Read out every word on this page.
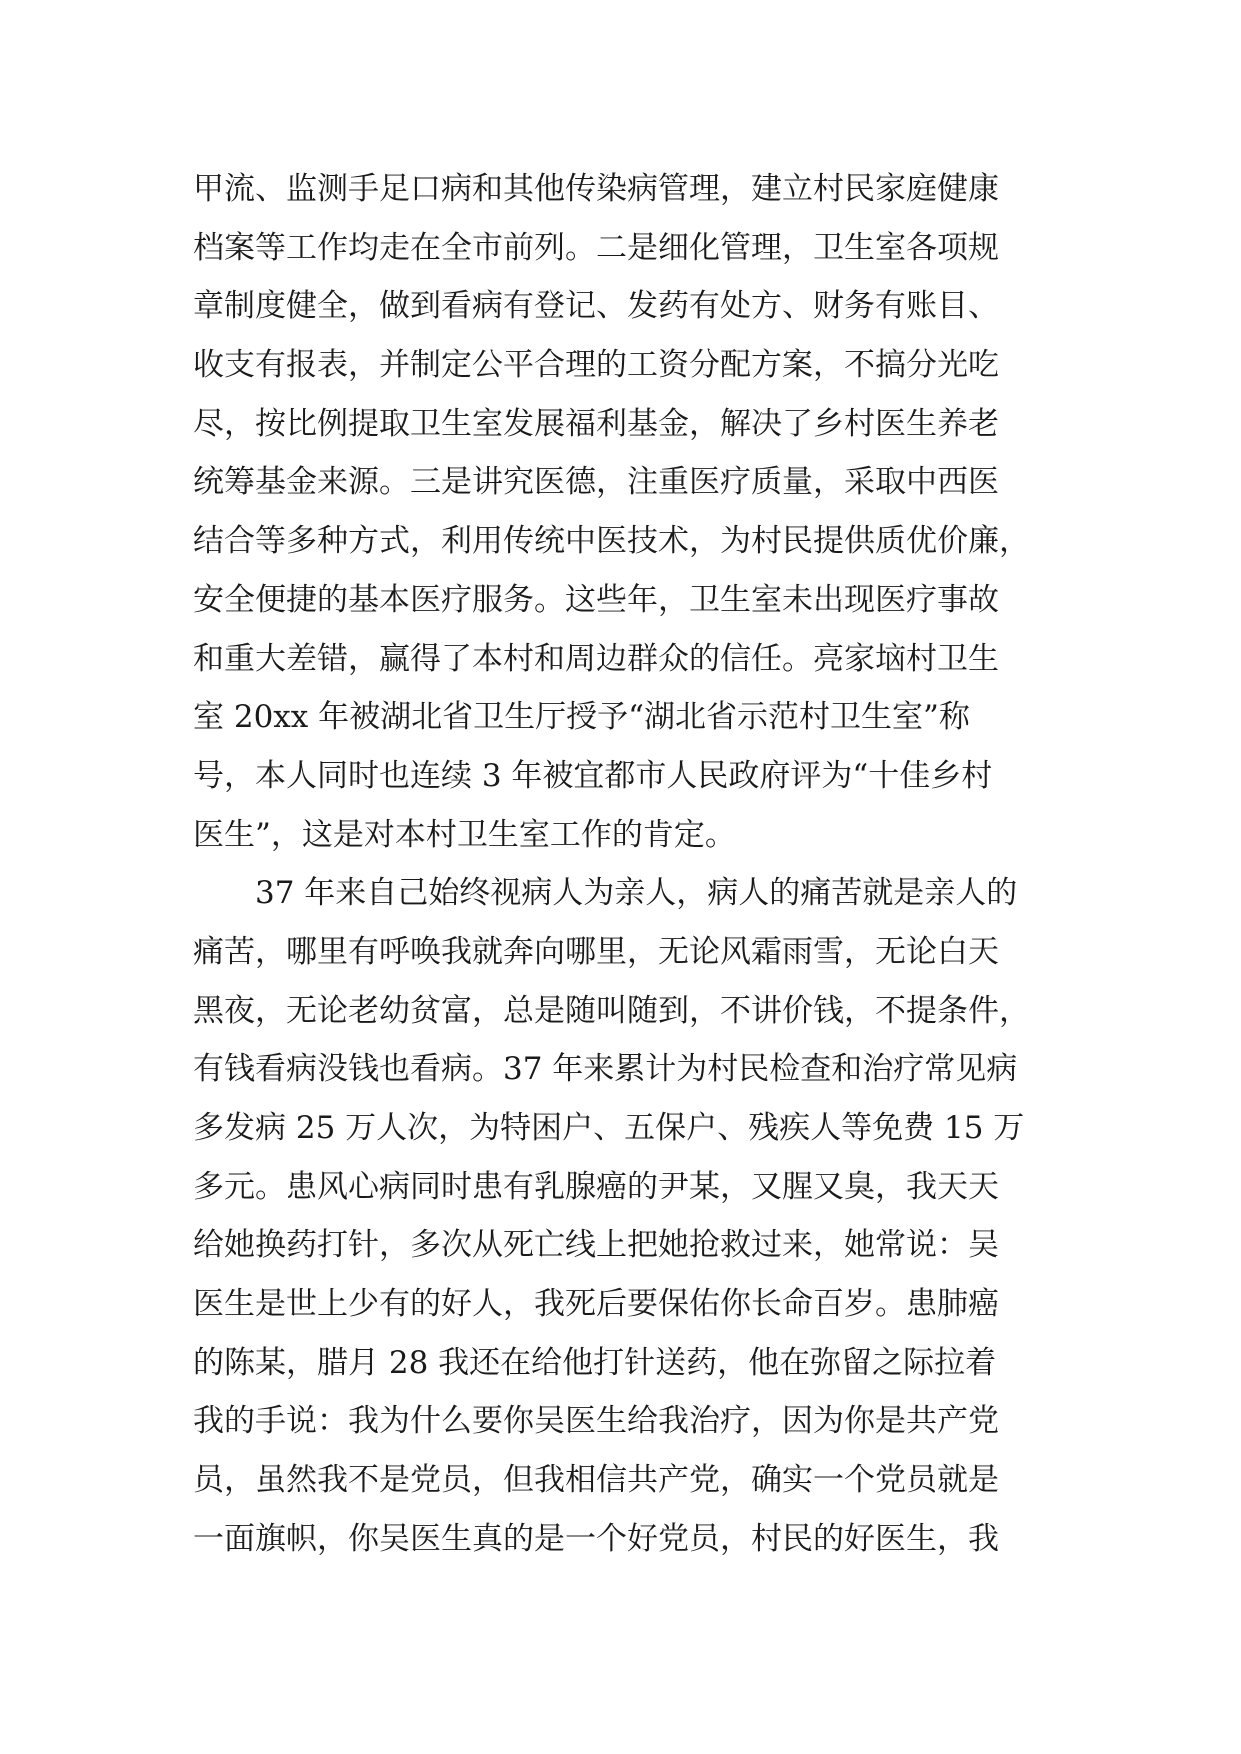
甲流、监测手足口病和其他传染病管理，建立村民家庭健康
档案等工作均走在全市前列。二是细化管理，卫生室各项规
章制度健全，做到看病有登记、发药有处方、财务有账目、
收支有报表，并制定公平合理的工资分配方案，不搞分光吃
尽，按比例提取卫生室发展福利基金，解决了乡村医生养老
统筹基金来源。三是讲究医德，注重医疗质量，采取中西医
结合等多种方式，利用传统中医技术，为村民提供质优价廉，
安全便捷的基本医疗服务。这些年，卫生室未出现医疗事故
和重大差错，赢得了本村和周边群众的信任。亮家垴村卫生
室 20xx 年被湖北省卫生厅授予“湖北省示范村卫生室”称
号，本人同时也连续 3 年被宜都市人民政府评为“十佳乡村
医生”，这是对本村卫生室工作的肯定。
　　37 年来自己始终视病人为亲人，病人的痛苦就是亲人的
痛苦，哪里有呼唤我就奔向哪里，无论风霜雨雪，无论白天
黑夜，无论老幼贫富，总是随叫随到，不讲价钱，不提条件，
有钱看病没钱也看病。37 年来累计为村民检查和治疗常见病
多发病 25 万人次，为特困户、五保户、残疾人等免费 15 万
多元。患风心病同时患有乳腺癌的尹某，又腥又臭，我天天
给她换药打针，多次从死亡线上把她抢救过来，她常说：吴
医生是世上少有的好人，我死后要保佑你长命百岁。患肺癌
的陈某，腊月 28 我还在给他打针送药，他在弥留之际拉着
我的手说：我为什么要你吴医生给我治疗，因为你是共产党
员，虽然我不是党员，但我相信共产党，确实一个党员就是
一面旗帜，你吴医生真的是一个好党员，村民的好医生，我
